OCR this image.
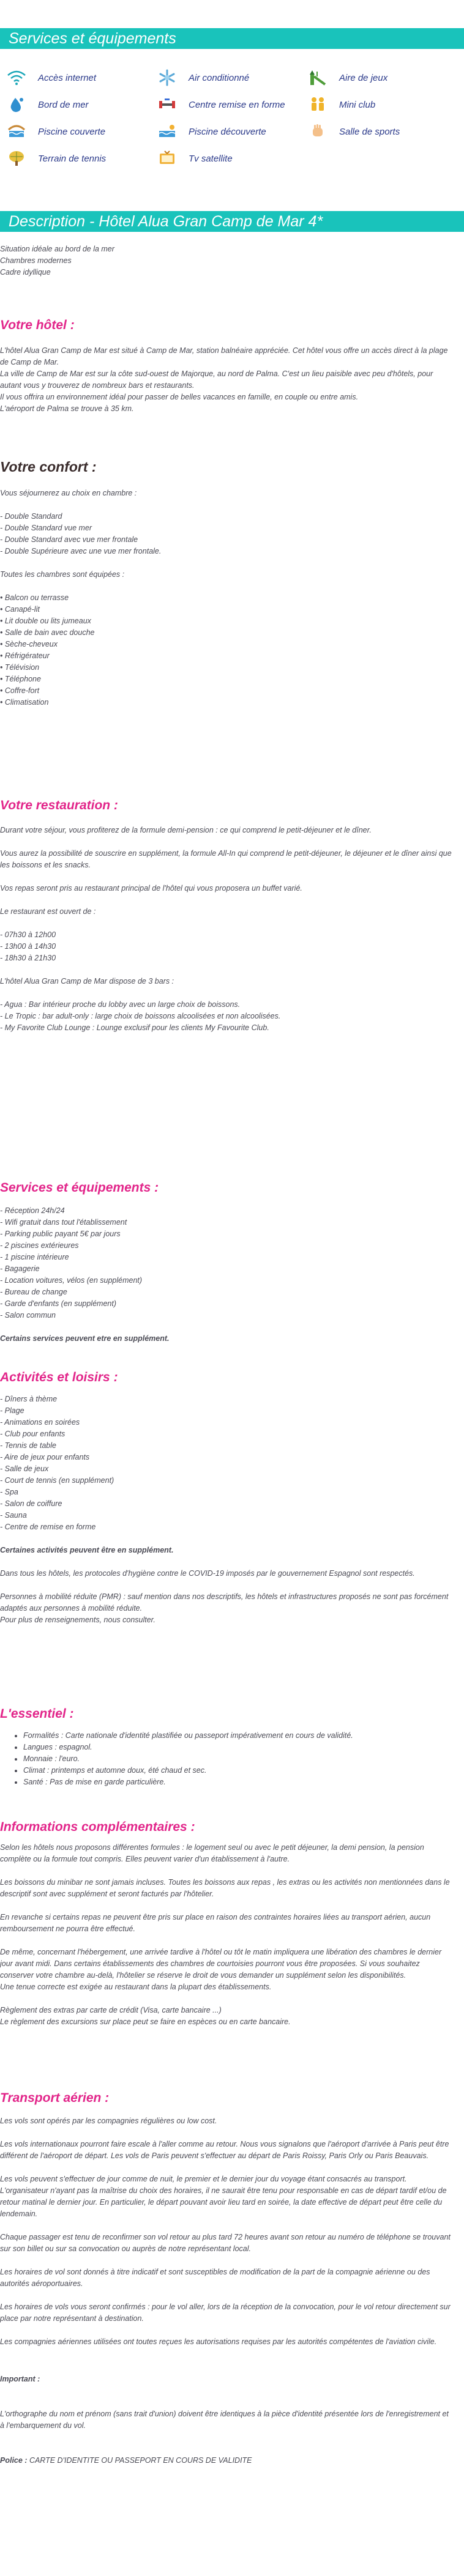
Services et équipements
Accès internet	Air conditionné	Aire de jeux
Bord de mer	Centre remise en forme	Mini club
Piscine couverte	Piscine découverte	Salle de sports
Terrain de tennis	Tv satellite
Description - Hôtel Alua Gran Camp de Mar 4*
Situation idéale au bord de la mer
Chambres modernes
Cadre idyllique
Votre hôtel :
L'hôtel Alua Gran Camp de Mar est situé à Camp de Mar, station balnéaire appréciée. Cet hôtel vous offre un accès direct à la plage de Camp de Mar.
La ville de Camp de Mar est sur la côte sud-ouest de Majorque, au nord de Palma. C'est un lieu paisible avec peu d'hôtels, pour autant vous y trouverez de nombreux bars et restaurants.
Il vous offrira un environnement idéal pour passer de belles vacances en famille, en couple ou entre amis.
L'aéroport de Palma se trouve à 35 km.
Votre confort :
Vous séjournerez au choix en chambre :
- Double Standard
- Double Standard vue mer
- Double Standard avec vue mer frontale
- Double Supérieure avec une vue mer frontale.
Toutes les chambres sont équipées :
• Balcon ou terrasse
• Canapé-lit
• Lit double ou lits jumeaux
• Salle de bain avec douche
• Sèche-cheveux
• Réfrigérateur
• Télévision
• Téléphone
• Coffre-fort
• Climatisation
Votre restauration :
Durant votre séjour, vous profiterez de la formule demi-pension : ce qui comprend le petit-déjeuner et le dîner.
Vous aurez la possibilité de souscrire en supplément, la formule All-In qui comprend le petit-déjeuner, le déjeuner et le dîner ainsi que les boissons et les snacks.
Vos repas seront pris au restaurant principal de l'hôtel qui vous proposera un buffet varié.
Le restaurant est ouvert de :
- 07h30 à 12h00
- 13h00 à 14h30
- 18h30 à 21h30
L'hôtel Alua Gran Camp de Mar dispose de 3 bars :
- Agua : Bar intérieur proche du lobby avec un large choix de boissons.
- Le Tropic : bar adult-only : large choix de boissons alcoolisées et non alcoolisées.
- My Favorite Club Lounge : Lounge exclusif pour les clients My Favourite Club.
Services et équipements :
- Réception 24h/24
- Wifi gratuit dans tout l'établissement
- Parking public payant 5€ par jours
- 2 piscines extérieures
- 1 piscine intérieure
- Bagagerie
- Location voitures, vélos (en supplément)
- Bureau de change
- Garde d'enfants (en supplément)
- Salon commun
Certains services peuvent etre en supplément.
Activités et loisirs :
- Dîners à thème
- Plage
- Animations en soirées
- Club pour enfants
- Tennis de table
- Aire de jeux pour enfants
- Salle de jeux
- Court de tennis (en supplément)
- Spa
- Salon de coiffure
- Sauna
- Centre de remise en forme
Certaines activités peuvent être en supplément.
Dans tous les hôtels, les protocoles d'hygiène contre le COVID-19 imposés par le gouvernement Espagnol sont respectés.
Personnes à mobilité réduite (PMR) : sauf mention dans nos descriptifs, les hôtels et infrastructures proposés ne sont pas forcément adaptés aux personnes à mobilité réduite.
Pour plus de renseignements, nous consulter.
L'essentiel :
• Formalités : Carte nationale d'identité plastifiée ou passeport impérativement en cours de validité.
• Langues : espagnol.
• Monnaie : l'euro.
• Climat : printemps et automne doux, été chaud et sec.
• Santé : Pas de mise en garde particulière.
Informations complémentaires :
Selon les hôtels nous proposons différentes formules : le logement seul ou avec le petit déjeuner, la demi pension, la pension complète ou la formule tout compris. Elles peuvent varier d'un établissement à l'autre.
Les boissons du minibar ne sont jamais incluses. Toutes les boissons aux repas , les extras ou les activités non mentionnées dans le descriptif sont avec supplément et seront facturés par l'hôtelier.
En revanche si certains repas ne peuvent être pris sur place en raison des contraintes horaires liées au transport aérien, aucun remboursement ne pourra être effectué.
De même, concernant l'hébergement, une arrivée tardive à l'hôtel ou tôt le matin impliquera une libération des chambres le dernier jour avant midi. Dans certains établissements des chambres de courtoisies pourront vous être proposées. Si vous souhaitez conserver votre chambre au-delà, l'hôtelier se réserve le droit de vous demander un supplément selon les disponibilités.
Une tenue correcte est exigée au restaurant dans la plupart des établissements.
Règlement des extras par carte de crédit (Visa, carte bancaire ...)
Le règlement des excursions sur place peut se faire en espèces ou en carte bancaire.
Transport aérien :
Les vols sont opérés par les compagnies régulières ou low cost.
Les vols internationaux pourront faire escale à l'aller comme au retour. Nous vous signalons que l'aéroport d'arrivée à Paris peut être différent de l'aéroport de départ. Les vols de Paris peuvent s'effectuer au départ de Paris Roissy, Paris Orly ou Paris Beauvais.
Les vols peuvent s'effectuer de jour comme de nuit, le premier et le dernier jour du voyage étant consacrés au transport. L'organisateur n'ayant pas la maîtrise du choix des horaires, il ne saurait être tenu pour responsable en cas de départ tardif et/ou de retour matinal le dernier jour. En particulier, le départ pouvant avoir lieu tard en soirée, la date effective de départ peut être celle du lendemain.
Chaque passager est tenu de reconfirmer son vol retour au plus tard 72 heures avant son retour au numéro de téléphone se trouvant sur son billet ou sur sa convocation ou auprès de notre représentant local.
Les horaires de vol sont donnés à titre indicatif et sont susceptibles de modification de la part de la compagnie aérienne ou des autorités aéroportuaires.
Les horaires de vols vous seront confirmés : pour le vol aller, lors de la réception de la convocation, pour le vol retour directement sur place par notre représentant à destination.
Les compagnies aériennes utilisées ont toutes reçues les autorisations requises par les autorités compétentes de l'aviation civile.
Important :
L'orthographe du nom et prénom (sans trait d'union) doivent être identiques à la pièce d'identité présentée lors de l'enregistrement et à l'embarquement du vol.
Police : CARTE D'IDENTITE OU PASSEPORT EN COURS DE VALIDITE
